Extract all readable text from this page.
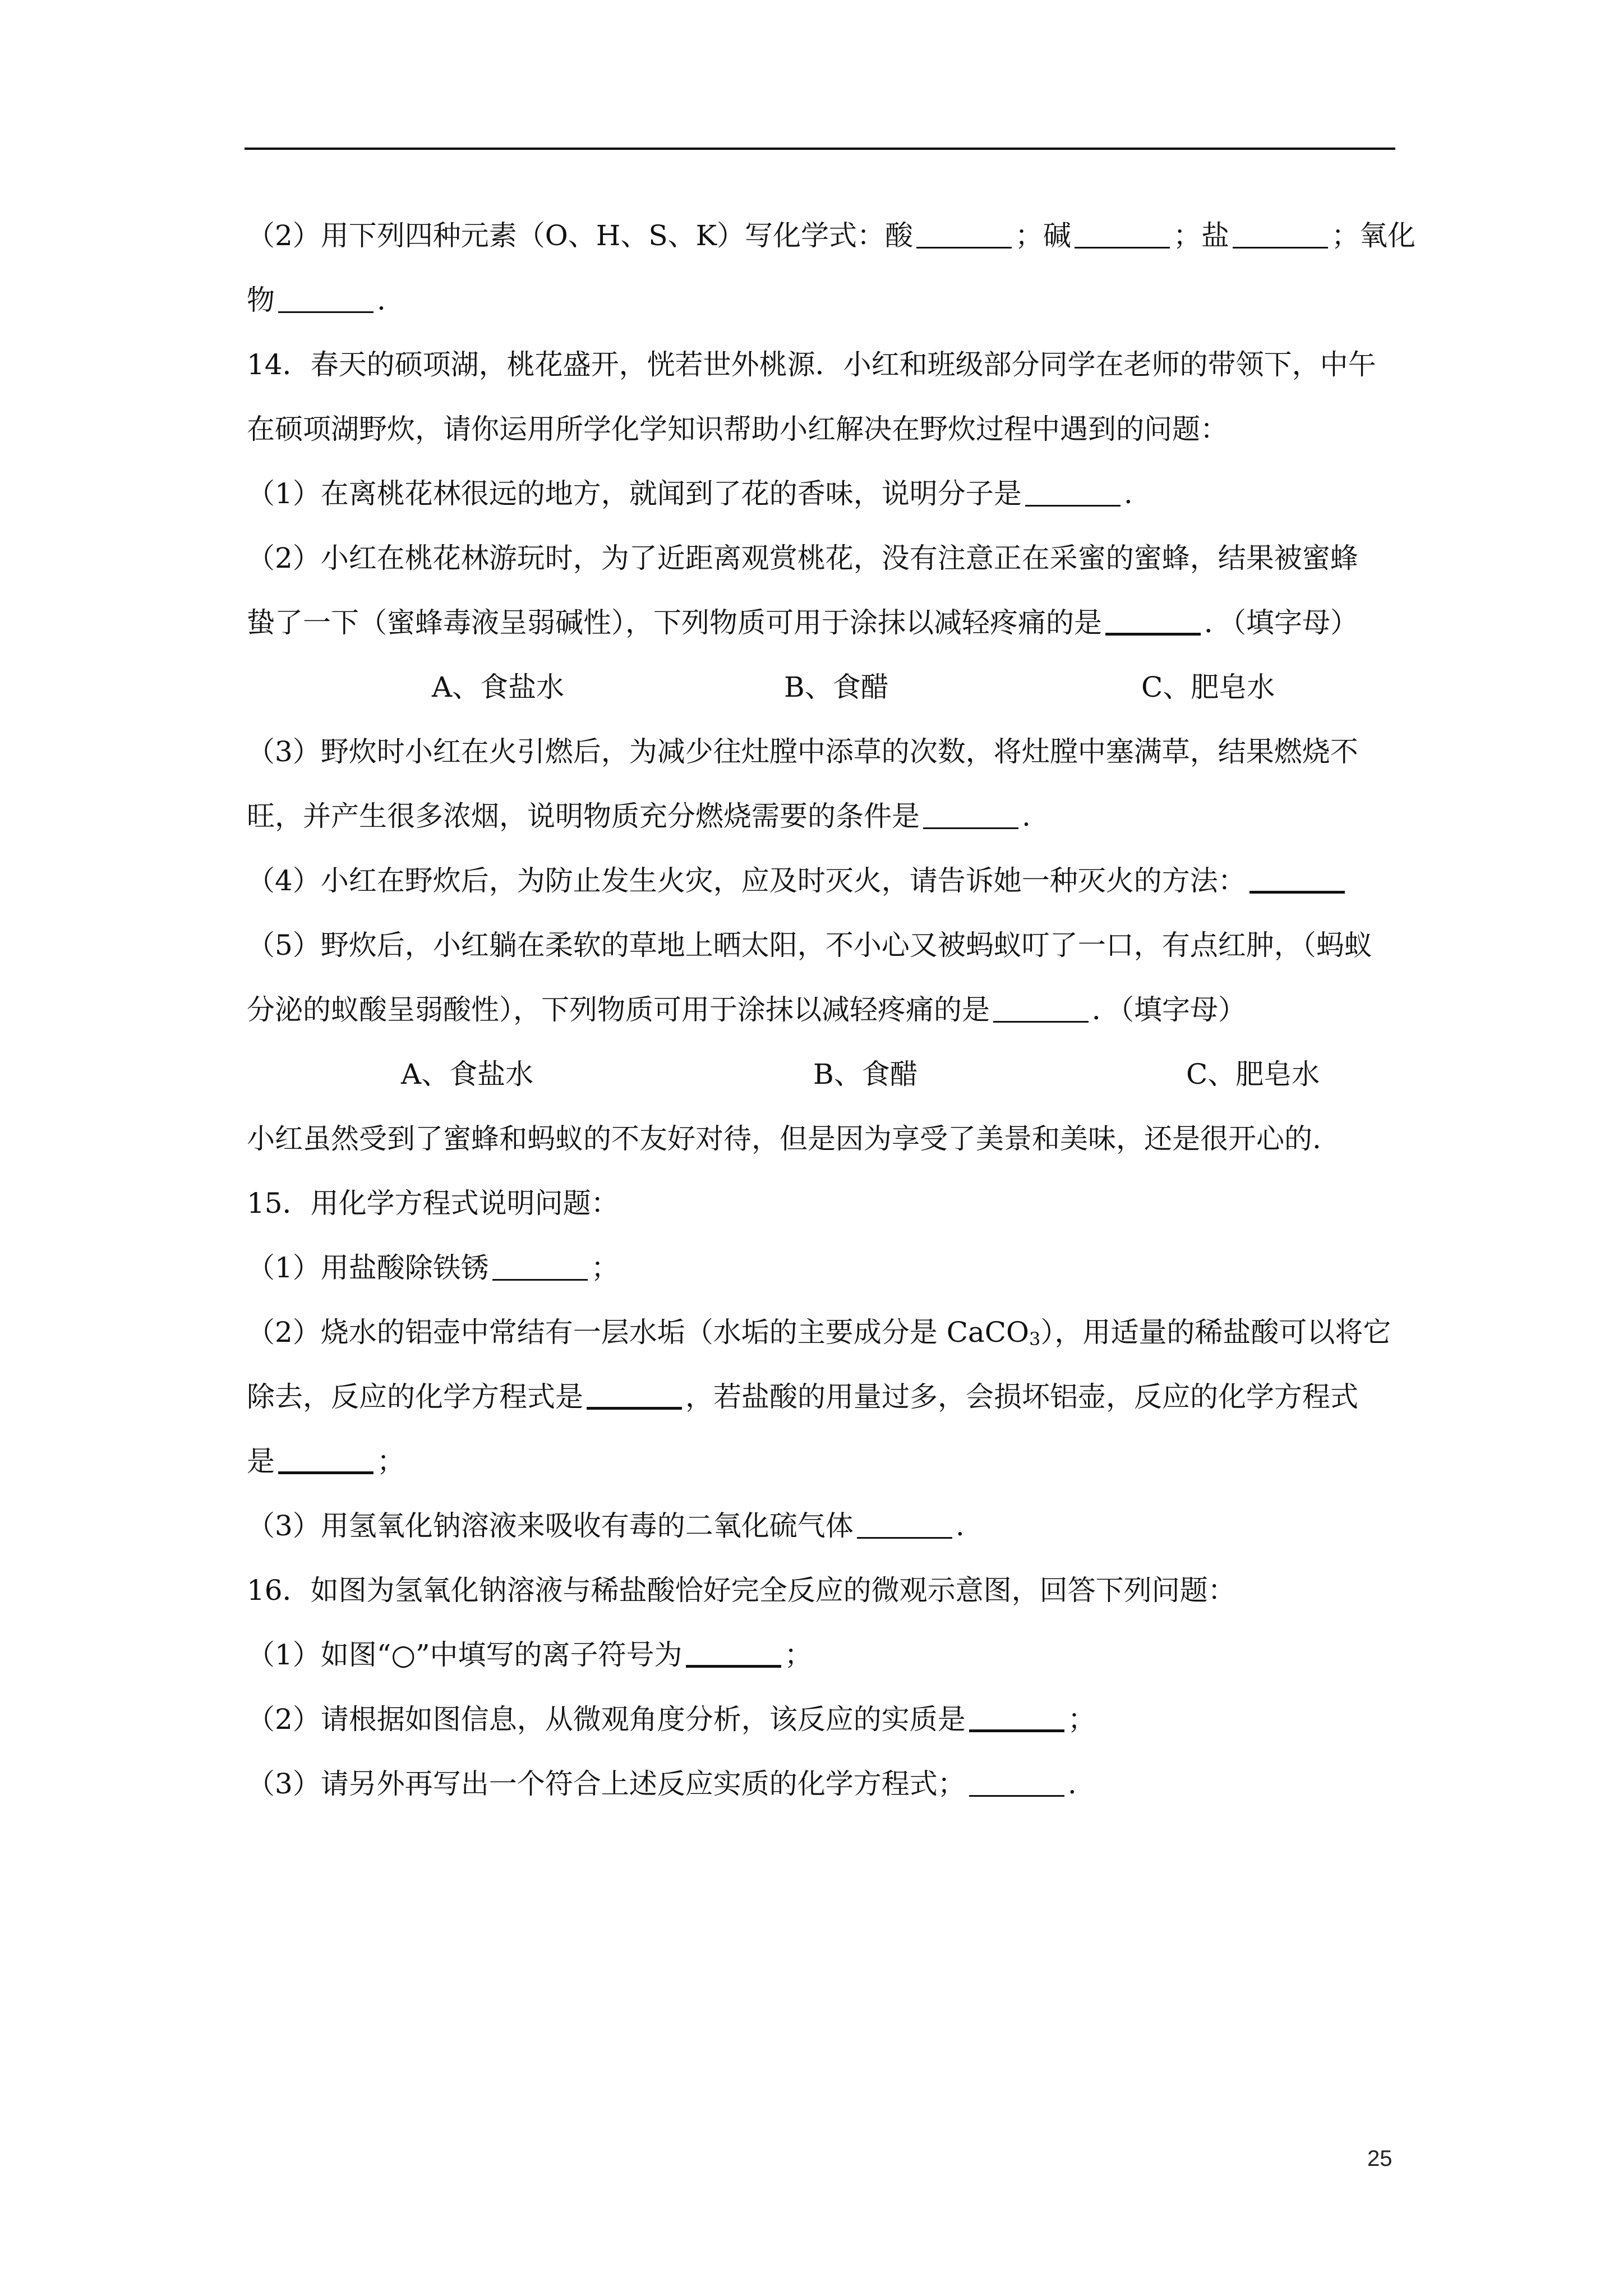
（2）用下列四种元素（O、H、S、K）写化学式：酸	；碱	；盐	；氧化
物	.
14．春天的硕项湖，桃花盛开，恍若世外桃源．小红和班级部分同学在老师的带领下，中午
在硕项湖野炊，请你运用所学化学知识帮助小红解决在野炊过程中遇到的问题：
（1）在离桃花林很远的地方，就闻到了花的香味，说明分子是	.
（2）小红在桃花林游玩时，为了近距离观赏桃花，没有注意正在采蜜的蜜蜂，结果被蜜蜂
蛰了一下（蜜蜂毒液呈弱碱性），下列物质可用于涂抹以减轻疼痛的是	．（填字母）
A、食盐水	B、食醋	C、肥皂水
（3）野炊时小红在火引燃后，为减少往灶膛中添草的次数，将灶膛中塞满草，结果燃烧不
旺，并产生很多浓烟，说明物质充分燃烧需要的条件是	.
（4）小红在野炊后，为防止发生火灾，应及时灭火，请告诉她一种灭火的方法：
（5）野炊后，小红躺在柔软的草地上晒太阳，不小心又被蚂蚁叮了一口，有点红肿，（蚂蚁
分泌的蚁酸呈弱酸性），下列物质可用于涂抹以减轻疼痛的是	．（填字母）
A、食盐水	B、食醋	C、肥皂水
小红虽然受到了蜜蜂和蚂蚁的不友好对待，但是因为享受了美景和美味，还是很开心的.
15．用化学方程式说明问题：
（1）用盐酸除铁锈	；
（2）烧水的铝壶中常结有一层水垢（水垢的主要成分是 CaCO$_3$），用适量的稀盐酸可以将它
除去，反应的化学方程式是	，若盐酸的用量过多，会损坏铝壶，反应的化学方程式
是	；
（3）用氢氧化钠溶液来吸收有毒的二氧化硫气体	.
16．如图为氢氧化钠溶液与稀盐酸恰好完全反应的微观示意图，回答下列问题：
（1）如图“○”中填写的离子符号为	；
（2）请根据如图信息，从微观角度分析，该反应的实质是	；
（3）请另外再写出一个符合上述反应实质的化学方程式；	.
25
